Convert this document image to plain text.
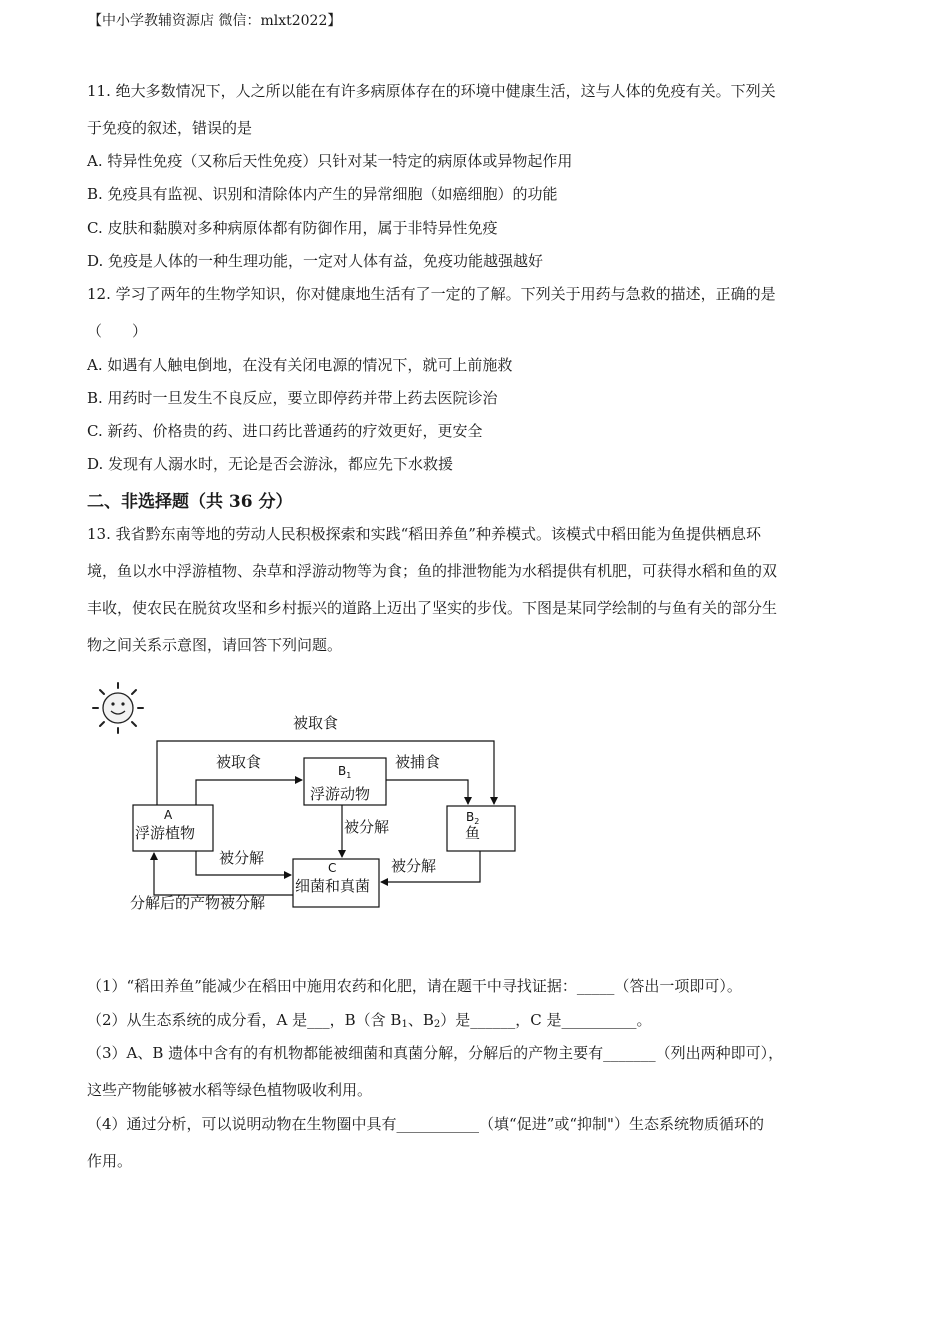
【中小学教辅资源店 微信：mlxt2022】
11. 绝大多数情况下，人之所以能在有许多病原体存在的环境中健康生活，这与人体的免疫有关。下列关
于免疫的叙述，错误的是
A. 特异性免疫（又称后天性免疫）只针对某一特定的病原体或异物起作用
B. 免疫具有监视、识别和清除体内产生的异常细胞（如癌细胞）的功能
C. 皮肤和黏膜对多种病原体都有防御作用，属于非特异性免疫
D. 免疫是人体的一种生理功能，一定对人体有益，免疫功能越强越好
12. 学习了两年的生物学知识，你对健康地生活有了一定的了解。下列关于用药与急救的描述，正确的是
（　　）
A. 如遇有人触电倒地，在没有关闭电源的情况下，就可上前施救
B. 用药时一旦发生不良反应，要立即停药并带上药去医院诊治
C. 新药、价格贵的药、进口药比普通药的疗效更好，更安全
D. 发现有人溺水时，无论是否会游泳，都应先下水救援
二、非选择题（共 36 分）
13. 我省黔东南等地的劳动人民积极探索和实践“稻田养鱼”种养模式。该模式中稻田能为鱼提供栖息环
境，鱼以水中浮游植物、杂草和浮游动物等为食；鱼的排泄物能为水稻提供有机肥，可获得水稻和鱼的双
丰收，使农民在脱贫攻坚和乡村振兴的道路上迈出了坚实的步伐。下图是某同学绘制的与鱼有关的部分生
物之间关系示意图，请回答下列问题。
被取食
被取食	被捕食
被分解
被分解	被分解
分解后的产物被分解
A
浮游植物
$B_1$
浮游动物
$B_2$
鱼
C
细菌和真菌
（1）“稻田养鱼”能减少在稻田中施用农药和化肥，请在题干中寻找证据：_____（答出一项即可）。
（2）从生态系统的成分看，A 是___，B（含 $B_1$、$B_2$）是______，C 是__________。
（3）A、B 遗体中含有的有机物都能被细菌和真菌分解，分解后的产物主要有_______（列出两种即可），
这些产物能够被水稻等绿色植物吸收利用。
（4）通过分析，可以说明动物在生物圈中具有___________（填“促进”或“抑制"）生态系统物质循环的
作用。
